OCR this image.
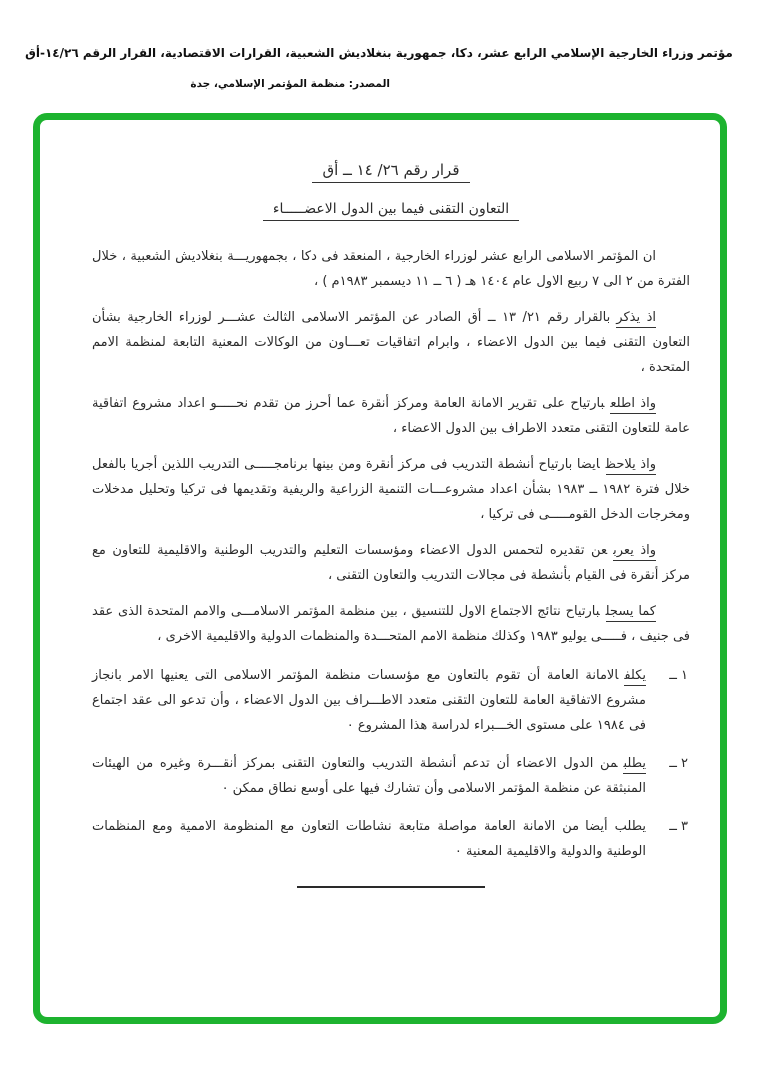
مؤتمر وزراء الخارجية الإسلامي الرابع عشر، دكا، جمهورية بنغلاديش الشعبية، القرارات الاقتصادية، القرار الرقم ١٤/٢٦-أق
المصدر: منظمة المؤتمر الإسلامي، جدة
قرار رقم ٢٦/ ١٤ ــ أق
التعاون التقنى فيما بين الدول الاعضـــــاء
ان المؤتمر الاسلامى الرابع عشر لوزراء الخارجية ، المنعقد فى دكا ، بجمهوريـــة بنغلاديش الشعبية ، خلال الفترة من ٢ الى ٧ ربيع الاول عام ١٤٠٤ هـ ( ٦ ــ ١١ ديسمبر ١٩٨٣م ) ،
اذ يذكربالقرار رقم ٢١/ ١٣ ــ أق الصادر عن المؤتمر الاسلامى الثالث عشـــر لوزراء الخارجية بشأن التعاون التقنى فيما بين الدول الاعضاء ، وابرام اتفاقيات تعـــاون من الوكالات المعنية التابعة لمنظمة الامم المتحدة ،
واذ اطلعبارتياح على تقرير الامانة العامة ومركز أنقرة عما أحرز من تقدم نحـــــو اعداد مشروع اتفاقية عامة للتعاون التقنى متعدد الاطراف بين الدول الاعضاء ،
واذ يلاحظايضا بارتياح أنشطة التدريب فى مركز أنقرة ومن بينها برنامجـــــى التدريب اللذين أجريا بالفعل خلال فترة ١٩٨٢ ــ ١٩٨٣ بشأن اعداد مشروعـــات التنمية الزراعية والريفية وتقديمها فى تركيا وتحليل مدخلات ومخرجات الدخل القومـــــى فى تركيا ،
واذ يعربعن تقديره لتحمس الدول الاعضاء ومؤسسات التعليم والتدريب الوطنية والاقليمية للتعاون مع مركز أنقرة فى القيام بأنشطة فى مجالات التدريب والتعاون التقنى ،
كما يسجلبارتياح نتائج الاجتماع الاول للتنسيق ، بين منظمة المؤتمر الاسلامـــى والامم المتحدة الذى عقد فى جنيف ، فـــــى يوليو ١٩٨٣ وكذلك منظمة الامم المتحـــدة والمنظمات الدولية والاقليمية الاخرى ،
١ ــ
يكلفالامانة العامة أن تقوم بالتعاون مع مؤسسات منظمة المؤتمر الاسلامى التى يعنيها الامر بانجاز مشروع الاتفاقية العامة للتعاون التقنى متعدد الاطـــراف بين الدول الاعضاء ، وأن تدعو الى عقد اجتماع فى ١٩٨٤ على مستوى الخـــبراء لدراسة هذا المشروع ٠
٢ ــ
يطلبمن الدول الاعضاء أن تدعم أنشطة التدريب والتعاون التقنى بمركز أنقـــرة وغيره من الهيئات المنبثقة عن منظمة المؤتمر الاسلامى وأن تشارك فيها على أوسع نطاق ممكن ٠
٣ ــ
يطلب أيضامن الامانة العامة مواصلة متابعة نشاطات التعاون مع المنظومة الاممية ومع المنظمات الوطنية والدولية والاقليمية المعنية ٠
